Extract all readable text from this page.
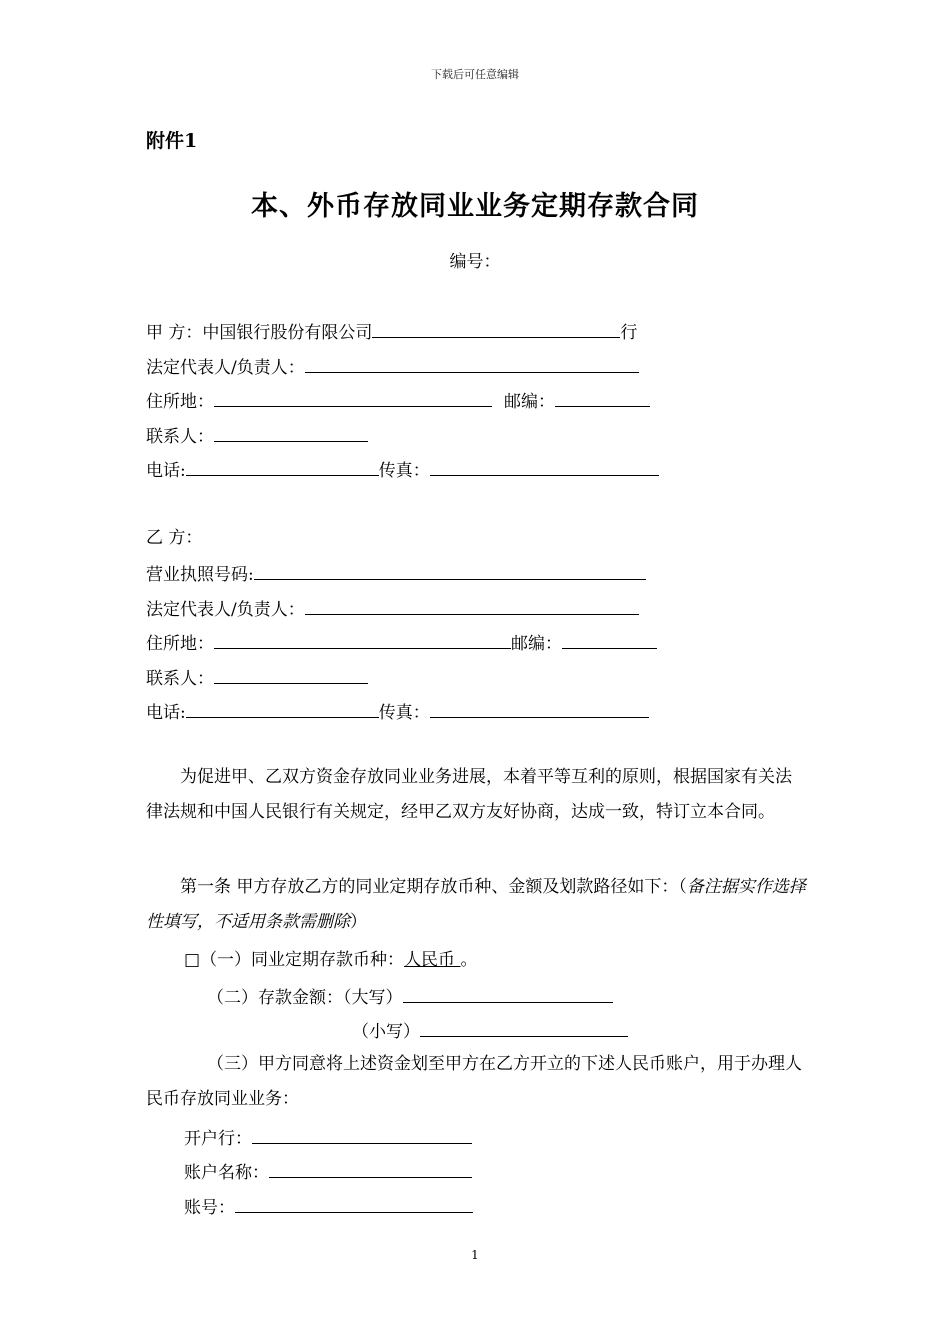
下载后可任意编辑
附件1
本、外币存放同业业务定期存款合同
编号：
甲 方：中国银行股份有限公司	行
法定代表人/负责人：
住所地：	邮编：
联系人：
电话:	传真：
乙 方：
营业执照号码:
法定代表人/负责人：
住所地：	邮编：
联系人：
电话:	传真：
为促进甲、乙双方资金存放同业业务进展，本着平等互利的原则，根据国家有关法律法规和中国人民银行有关规定，经甲乙双方友好协商，达成一致，特订立本合同。
第一条 甲方存放乙方的同业定期存放币种、金额及划款路径如下：（备注据实作选择性填写，不适用条款需删除）
□（一）同业定期存款币种：人民币 。
（二）存款金额：（大写）
（小写）
（三）甲方同意将上述资金划至甲方在乙方开立的下述人民币账户，用于办理人民币存放同业业务：
开户行：
账户名称：
账号：
1
